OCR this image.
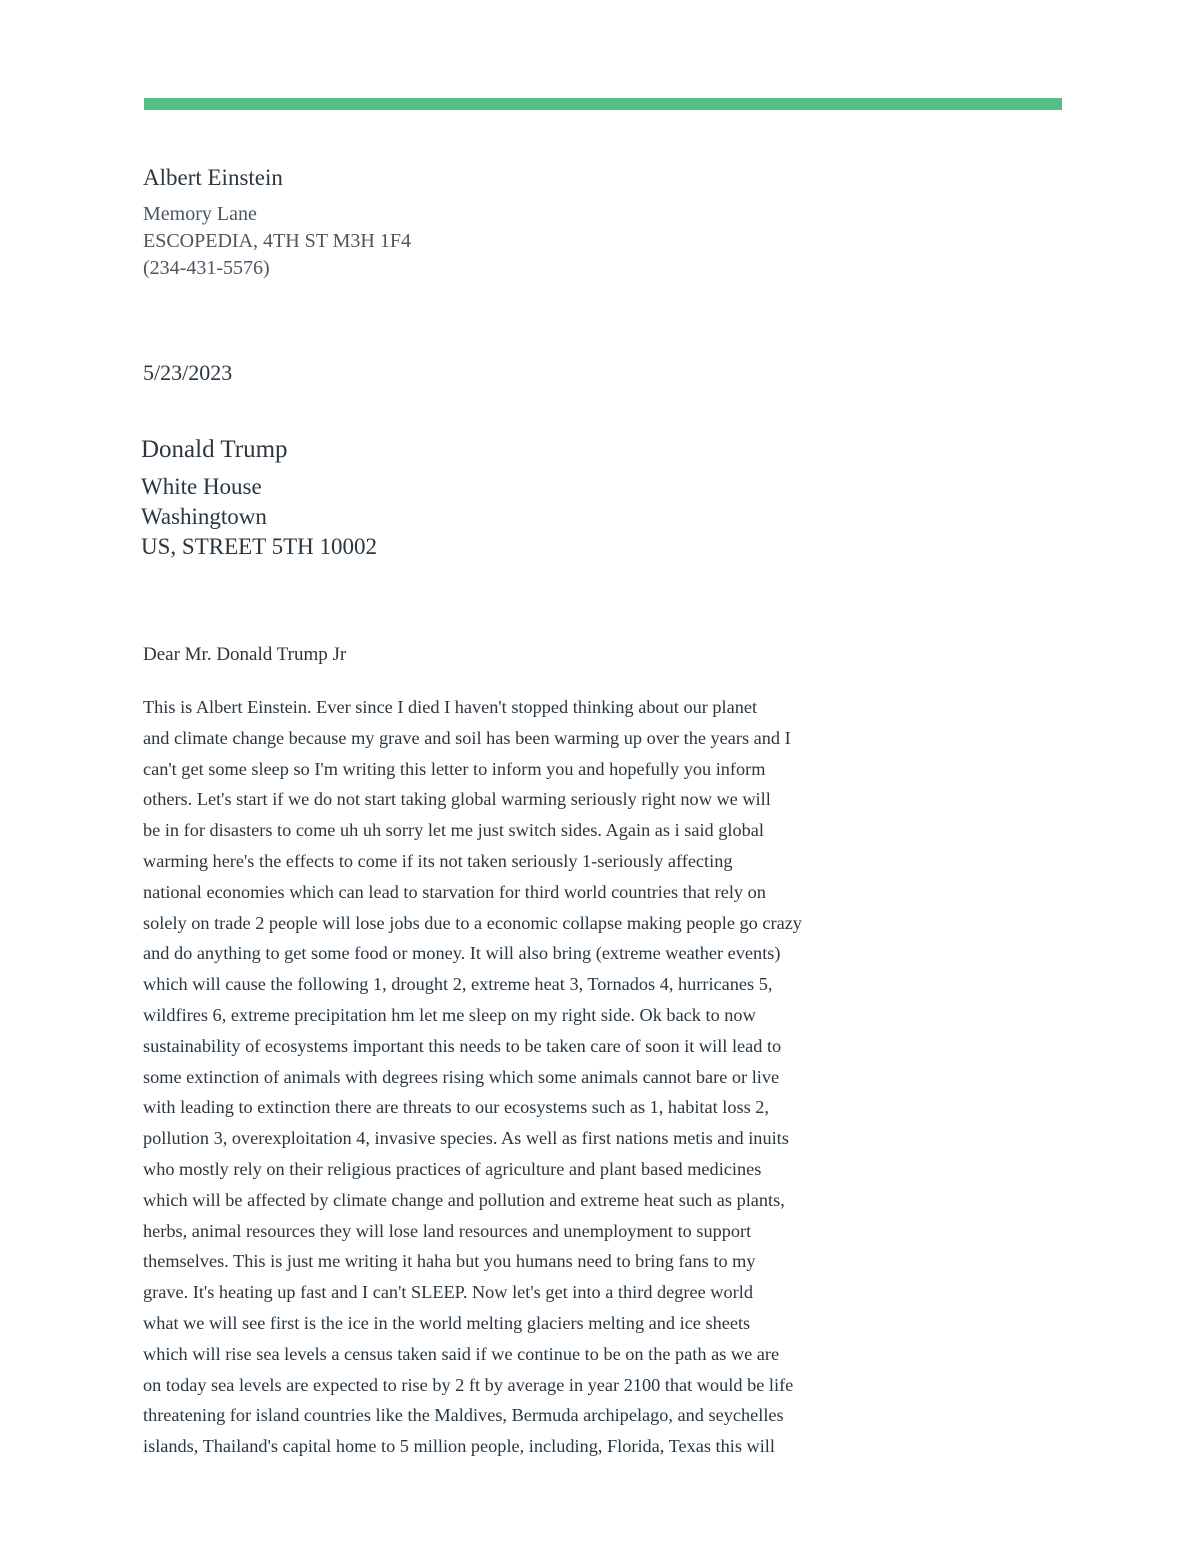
Albert Einstein
Memory Lane
ESCOPEDIA, 4TH ST M3H 1F4
(234-431-5576)
5/23/2023
Donald Trump
White House
Washingtown
US, STREET 5TH 10002
Dear Mr. Donald Trump Jr
This is Albert Einstein. Ever since I died I haven't stopped thinking about our planet
and climate change because my grave and soil has been warming up over the years and I
can't get some sleep so I'm writing this letter to inform you and hopefully you inform
others. Let's start if we do not start taking global warming seriously right now we will
be in for disasters to come uh uh sorry let me just switch sides. Again as i said global
warming here's the effects to come if its not taken seriously 1-seriously affecting
national economies which can lead to starvation for third world countries that rely on
solely on trade 2 people will lose jobs due to a economic collapse making people go crazy
and do anything to get some food or money. It will also bring (extreme weather events)
which will cause the following 1, drought 2, extreme heat 3, Tornados 4, hurricanes 5,
wildfires 6, extreme precipitation hm let me sleep on my right side. Ok back to now
sustainability of ecosystems important this needs to be taken care of soon it will lead to
some extinction of animals with degrees rising which some animals cannot bare or live
with leading to extinction there are threats to our ecosystems such as 1, habitat loss 2,
pollution 3, overexploitation 4, invasive species. As well as first nations metis and inuits
who mostly rely on their religious practices of agriculture and plant based medicines
which will be affected by climate change and pollution and extreme heat such as plants,
herbs, animal resources they will lose land resources and unemployment to support
themselves. This is just me writing it haha but you humans need to bring fans to my
grave. It's heating up fast and I can't SLEEP. Now let's get into a third degree world
what we will see first is the ice in the world melting glaciers melting and ice sheets
which will rise sea levels a census taken said if we continue to be on the path as we are
on today sea levels are expected to rise by 2 ft by average in year 2100 that would be life
threatening for island countries like the Maldives, Bermuda archipelago, and seychelles
islands, Thailand's capital home to 5 million people, including, Florida, Texas this will
